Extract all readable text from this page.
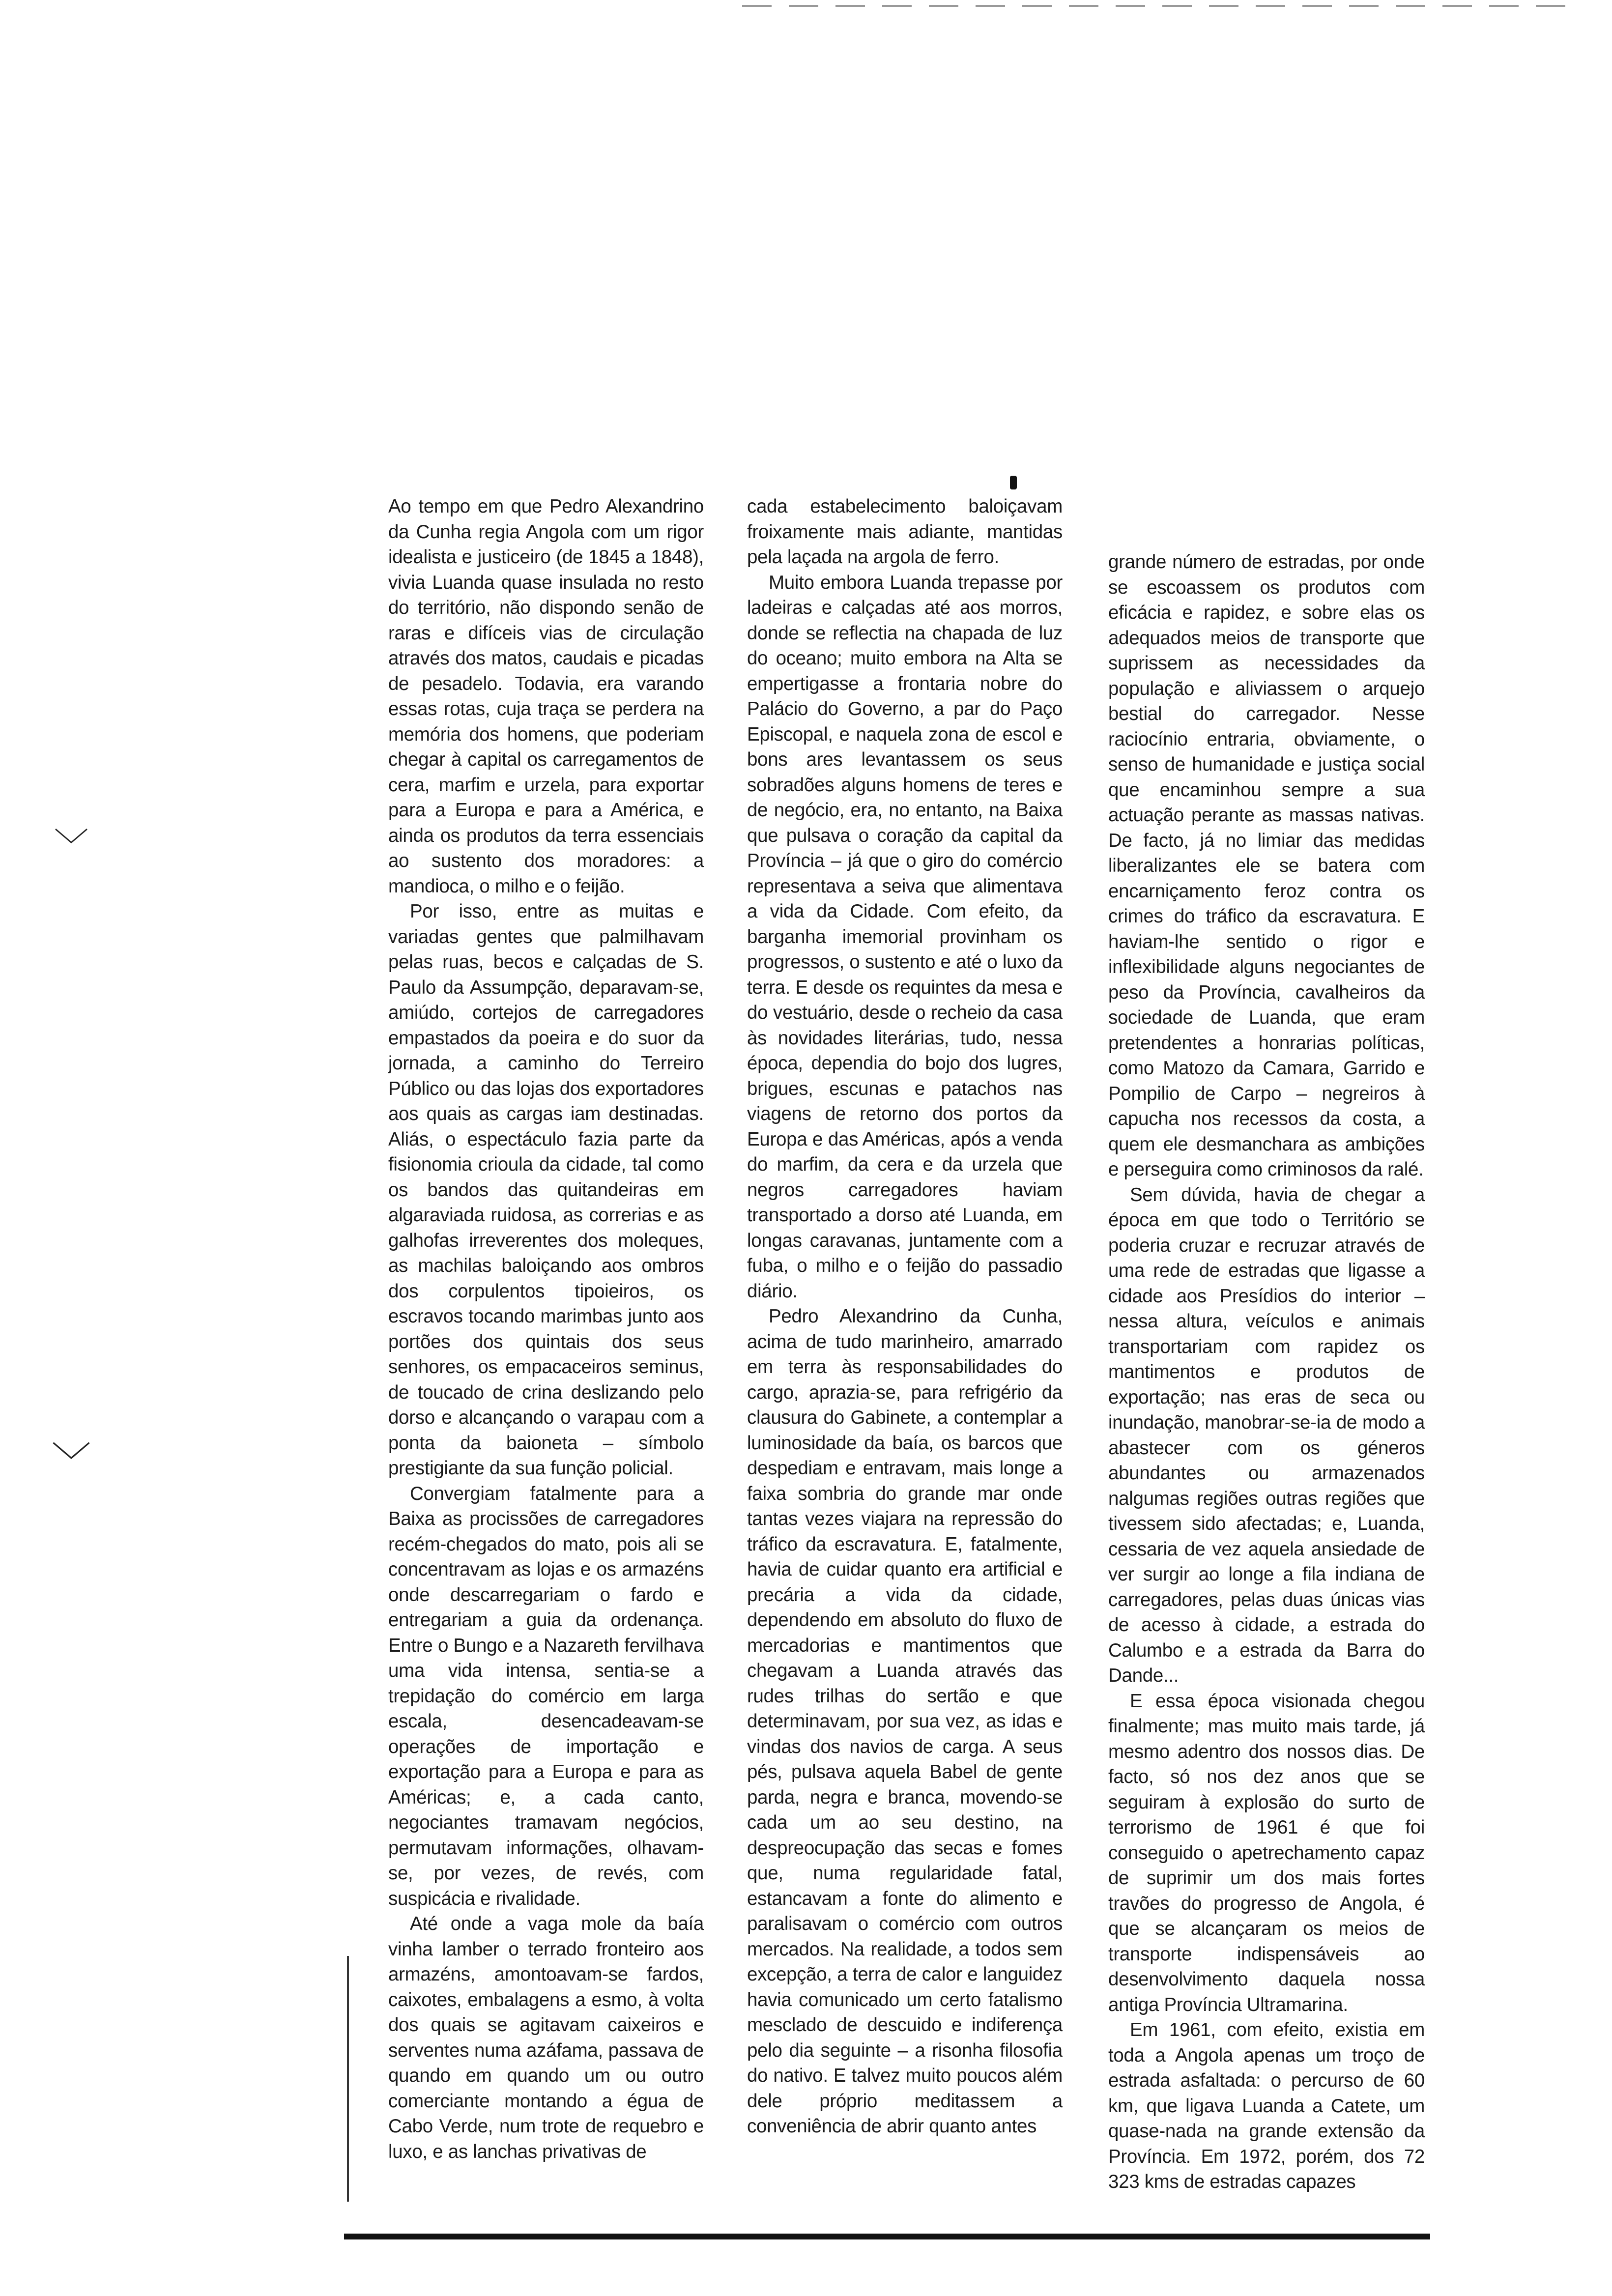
﹀
﹀

Ao tempo em que Pedro Alexandrino da Cunha regia Angola com um rigor idealista e justiceiro (de 1845 a 1848), vivia Luanda quase insulada no resto do território, não dispondo senão de raras e difíceis vias de circulação através dos matos, caudais e picadas de pesadelo. Todavia, era varando essas rotas, cuja traça se perdera na memória dos homens, que poderiam chegar à capital os carregamentos de cera, marfim e urzela, para exportar para a Europa e para a América, e ainda os produtos da terra essenciais ao sustento dos moradores: a mandioca, o milho e o feijão.

Por isso, entre as muitas e variadas gentes que palmilhavam pelas ruas, becos e calçadas de S. Paulo da Assumpção, deparavam-se, amiúdo, cortejos de carregadores empastados da poeira e do suor da jornada, a caminho do Terreiro Público ou das lojas dos exportadores aos quais as cargas iam destinadas. Aliás, o espectáculo fazia parte da fisionomia crioula da cidade, tal como os bandos das quitandeiras em algaraviada ruidosa, as correrias e as galhofas irreverentes dos moleques, as machilas baloiçando aos ombros dos corpulentos tipoieiros, os escravos tocando marimbas junto aos portões dos quintais dos seus senhores, os empacaceiros seminus, de toucado de crina deslizando pelo dorso e alcançando o varapau com a ponta da baioneta – símbolo prestigiante da sua função policial.

Convergiam fatalmente para a Baixa as procissões de carregadores recém-chegados do mato, pois ali se concentravam as lojas e os armazéns onde descarregariam o fardo e entregariam a guia da ordenança. Entre o Bungo e a Nazareth fervilhava uma vida intensa, sentia-se a trepidação do comércio em larga escala, desencadeavam-se operações de importação e exportação para a Europa e para as Américas; e, a cada canto, negociantes tramavam negócios, permutavam informações, olhavam-se, por vezes, de revés, com suspicácia e rivalidade.

Até onde a vaga mole da baía vinha lamber o terrado fronteiro aos armazéns, amontoavam-se fardos, caixotes, embalagens a esmo, à volta dos quais se agitavam caixeiros e serventes numa azáfama, passava de quando em quando um ou outro comerciante montando a égua de Cabo Verde, num trote de requebro e luxo, e as lanchas privativas de

cada estabelecimento baloiçavam froixamente mais adiante, mantidas pela laçada na argola de ferro.

Muito embora Luanda trepasse por ladeiras e calçadas até aos morros, donde se reflectia na chapada de luz do oceano; muito embora na Alta se empertigasse a frontaria nobre do Palácio do Governo, a par do Paço Episcopal, e naquela zona de escol e bons ares levantassem os seus sobradões alguns homens de teres e de negócio, era, no entanto, na Baixa que pulsava o coração da capital da Província – já que o giro do comércio representava a seiva que alimentava a vida da Cidade. Com efeito, da barganha imemorial provinham os progressos, o sustento e até o luxo da terra. E desde os requintes da mesa e do vestuário, desde o recheio da casa às novidades literárias, tudo, nessa época, dependia do bojo dos lugres, brigues, escunas e patachos nas viagens de retorno dos portos da Europa e das Américas, após a venda do marfim, da cera e da urzela que negros carregadores haviam transportado a dorso até Luanda, em longas caravanas, juntamente com a fuba, o milho e o feijão do passadio diário.

Pedro Alexandrino da Cunha, acima de tudo marinheiro, amarrado em terra às responsabilidades do cargo, aprazia-se, para refrigério da clausura do Gabinete, a contemplar a luminosidade da baía, os barcos que despediam e entravam, mais longe a faixa sombria do grande mar onde tantas vezes viajara na repressão do tráfico da escravatura. E, fatalmente, havia de cuidar quanto era artificial e precária a vida da cidade, dependendo em absoluto do fluxo de mercadorias e mantimentos que chegavam a Luanda através das rudes trilhas do sertão e que determinavam, por sua vez, as idas e vindas dos navios de carga. A seus pés, pulsava aquela Babel de gente parda, negra e branca, movendo-se cada um ao seu destino, na despreocupação das secas e fomes que, numa regularidade fatal, estancavam a fonte do alimento e paralisavam o comércio com outros mercados. Na realidade, a todos sem excepção, a terra de calor e languidez havia comunicado um certo fatalismo mesclado de descuido e indiferença pelo dia seguinte – a risonha filosofia do nativo. E talvez muito poucos além dele próprio meditassem a conveniência de abrir quanto antes

grande número de estradas, por onde se escoassem os produtos com eficácia e rapidez, e sobre elas os adequados meios de transporte que suprissem as necessidades da população e aliviassem o arquejo bestial do carregador. Nesse raciocínio entraria, obviamente, o senso de humanidade e justiça social que encaminhou sempre a sua actuação perante as massas nativas. De facto, já no limiar das medidas liberalizantes ele se batera com encarniçamento feroz contra os crimes do tráfico da escravatura. E haviam-lhe sentido o rigor e inflexibilidade alguns negociantes de peso da Província, cavalheiros da sociedade de Luanda, que eram pretendentes a honrarias políticas, como Matozo da Camara, Garrido e Pompilio de Carpo – negreiros à capucha nos recessos da costa, a quem ele desmanchara as ambições e perseguira como criminosos da ralé.

Sem dúvida, havia de chegar a época em que todo o Território se poderia cruzar e recruzar através de uma rede de estradas que ligasse a cidade aos Presídios do interior – nessa altura, veículos e animais transportariam com rapidez os mantimentos e produtos de exportação; nas eras de seca ou inundação, manobrar-se-ia de modo a abastecer com os géneros abundantes ou armazenados nalgumas regiões outras regiões que tivessem sido afectadas; e, Luanda, cessaria de vez aquela ansiedade de ver surgir ao longe a fila indiana de carregadores, pelas duas únicas vias de acesso à cidade, a estrada do Calumbo e a estrada da Barra do Dande...

E essa época visionada chegou finalmente; mas muito mais tarde, já mesmo adentro dos nossos dias. De facto, só nos dez anos que se seguiram à explosão do surto de terrorismo de 1961 é que foi conseguido o apetrechamento capaz de suprimir um dos mais fortes travões do progresso de Angola, é que se alcançaram os meios de transporte indispensáveis ao desenvolvimento daquela nossa antiga Província Ultramarina.

Em 1961, com efeito, existia em toda a Angola apenas um troço de estrada asfaltada: o percurso de 60 km, que ligava Luanda a Catete, um quase-nada na grande extensão da Província. Em 1972, porém, dos 72 323 kms de estradas capazes
